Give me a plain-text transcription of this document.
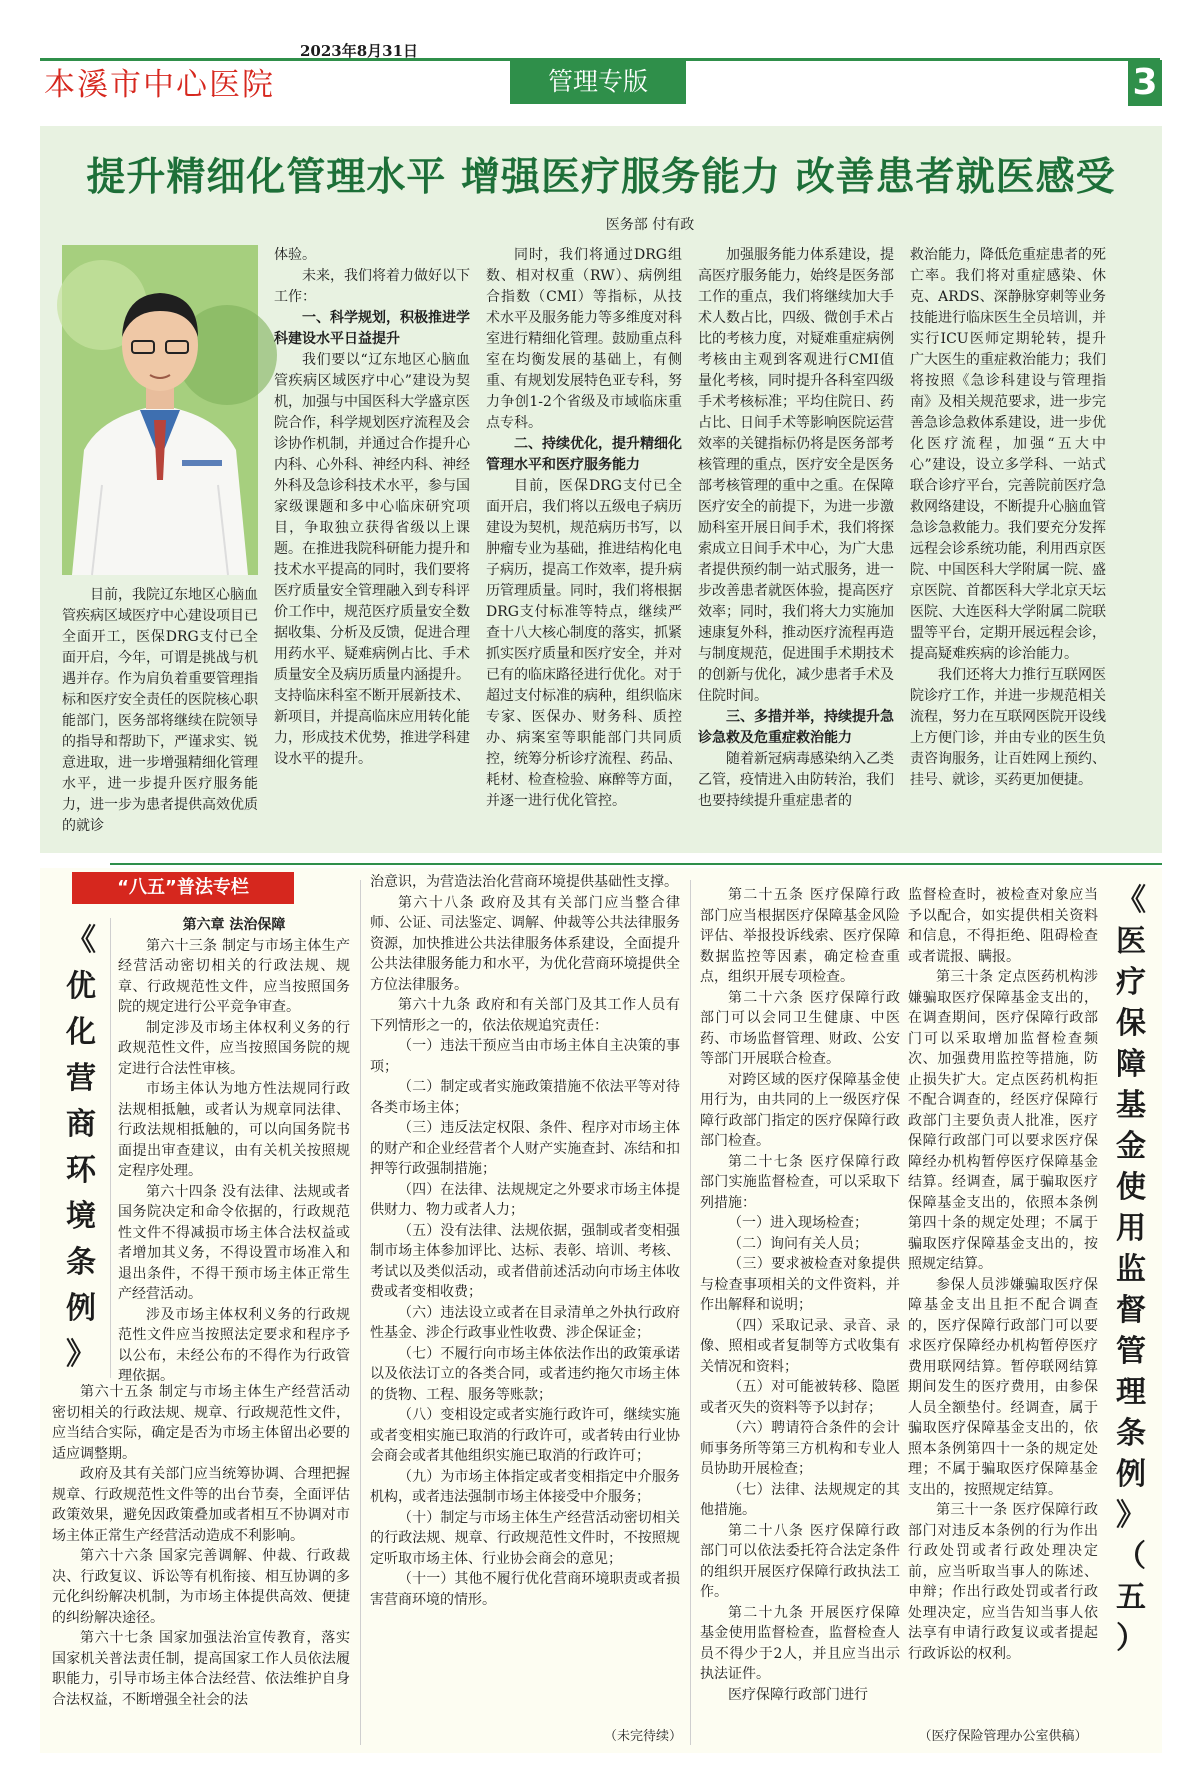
2023年8月31日
本溪市中心医院	管理专版	3
提升精细化管理水平 增强医疗服务能力 改善患者就医感受
医务部 付有政

目前，我院辽东地区心脑血管疾病区域医疗中心建设项目已全面开工，医保DRG支付已全面开启，今年，可谓是挑战与机遇并存。作为肩负着重要管理指标和医疗安全责任的医院核心职能部门，医务部将继续在院领导的指导和帮助下，严谨求实、锐意进取，进一步增强精细化管理水平，进一步提升医疗服务能力，进一步为患者提供高效优质的就诊

体验。

未来，我们将着力做好以下工作：

一、科学规划，积极推进学科建设水平日益提升

我们要以“辽东地区心脑血管疾病区域医疗中心”建设为契机，加强与中国医科大学盛京医院合作，科学规划医疗流程及会诊协作机制，并通过合作提升心内科、心外科、神经内科、神经外科及急诊科技术水平，参与国家级课题和多中心临床研究项目，争取独立获得省级以上课题。在推进我院科研能力提升和技术水平提高的同时，我们要将医疗质量安全管理融入到专科评价工作中，规范医疗质量安全数据收集、分析及反馈，促进合理用药水平、疑难病例占比、手术质量安全及病历质量内涵提升。支持临床科室不断开展新技术、新项目，并提高临床应用转化能力，形成技术优势，推进学科建设水平的提升。

同时，我们将通过DRG组数、相对权重（RW）、病例组合指数（CMI）等指标，从技术水平及服务能力等多维度对科室进行精细化管理。鼓励重点科室在均衡发展的基础上，有侧重、有规划发展特色亚专科，努力争创1-2个省级及市域临床重点专科。

二、持续优化，提升精细化管理水平和医疗服务能力

目前，医保DRG支付已全面开启，我们将以五级电子病历建设为契机，规范病历书写，以肿瘤专业为基础，推进结构化电子病历，提高工作效率，提升病历管理质量。同时，我们将根据DRG支付标准等特点，继续严查十八大核心制度的落实，抓紧抓实医疗质量和医疗安全，并对已有的临床路径进行优化。对于超过支付标准的病种，组织临床专家、医保办、财务科、质控办、病案室等职能部门共同质控，统筹分析诊疗流程、药品、耗材、检查检验、麻醉等方面，并逐一进行优化管控。

加强服务能力体系建设，提高医疗服务能力，始终是医务部工作的重点，我们将继续加大手术人数占比，四级、微创手术占比的考核力度，对疑难重症病例考核由主观到客观进行CMI值量化考核，同时提升各科室四级手术考核标准；平均住院日、药占比、日间手术等影响医院运营效率的关键指标仍将是医务部考核管理的重点，医疗安全是医务部考核管理的重中之重。在保障医疗安全的前提下，为进一步激励科室开展日间手术，我们将探索成立日间手术中心，为广大患者提供预约制一站式服务，进一步改善患者就医体验，提高医疗效率；同时，我们将大力实施加速康复外科，推动医疗流程再造与制度规范，促进围手术期技术的创新与优化，减少患者手术及住院时间。

三、多措并举，持续提升急诊急救及危重症救治能力

随着新冠病毒感染纳入乙类乙管，疫情进入由防转治，我们也要持续提升重症患者的

救治能力，降低危重症患者的死亡率。我们将对重症感染、休克、ARDS、深静脉穿刺等业务技能进行临床医生全员培训，并实行ICU医师定期轮转，提升广大医生的重症救治能力；我们将按照《急诊科建设与管理指南》及相关规范要求，进一步完善急诊急救体系建设，进一步优化医疗流程，加强“五大中心”建设，设立多学科、一站式联合诊疗平台，完善院前医疗急救网络建设，不断提升心脑血管急诊急救能力。我们要充分发挥远程会诊系统功能，利用西京医院、中国医科大学附属一院、盛京医院、首都医科大学北京天坛医院、大连医科大学附属二院联盟等平台，定期开展远程会诊，提高疑难疾病的诊治能力。

我们还将大力推行互联网医院诊疗工作，并进一步规范相关流程，努力在互联网医院开设线上方便门诊，并由专业的医生负责咨询服务，让百姓网上预约、挂号、就诊，买药更加便捷。

“八五”普法专栏
《
优
化
营
商
环
境
条
例
》
《
医
疗
保
障
基
金
使
用
监
督
管
理
条
例
》
（
五
）

第六章 法治保障

第六十三条 制定与市场主体生产经营活动密切相关的行政法规、规章、行政规范性文件，应当按照国务院的规定进行公平竞争审查。

制定涉及市场主体权利义务的行政规范性文件，应当按照国务院的规定进行合法性审核。

市场主体认为地方性法规同行政法规相抵触，或者认为规章同法律、行政法规相抵触的，可以向国务院书面提出审查建议，由有关机关按照规定程序处理。

第六十四条 没有法律、法规或者国务院决定和命令依据的，行政规范性文件不得减损市场主体合法权益或者增加其义务，不得设置市场准入和退出条件，不得干预市场主体正常生产经营活动。

涉及市场主体权利义务的行政规范性文件应当按照法定要求和程序予以公布，未经公布的不得作为行政管理依据。

第六十五条 制定与市场主体生产经营活动密切相关的行政法规、规章、行政规范性文件，应当结合实际，确定是否为市场主体留出必要的适应调整期。

政府及其有关部门应当统筹协调、合理把握规章、行政规范性文件等的出台节奏，全面评估政策效果，避免因政策叠加或者相互不协调对市场主体正常生产经营活动造成不利影响。

第六十六条 国家完善调解、仲裁、行政裁决、行政复议、诉讼等有机衔接、相互协调的多元化纠纷解决机制，为市场主体提供高效、便捷的纠纷解决途径。

第六十七条 国家加强法治宣传教育，落实国家机关普法责任制，提高国家工作人员依法履职能力，引导市场主体合法经营、依法维护自身合法权益，不断增强全社会的法

治意识，为营造法治化营商环境提供基础性支撑。

第六十八条 政府及其有关部门应当整合律师、公证、司法鉴定、调解、仲裁等公共法律服务资源，加快推进公共法律服务体系建设，全面提升公共法律服务能力和水平，为优化营商环境提供全方位法律服务。

第六十九条 政府和有关部门及其工作人员有下列情形之一的，依法依规追究责任：

（一）违法干预应当由市场主体自主决策的事项；

（二）制定或者实施政策措施不依法平等对待各类市场主体；

（三）违反法定权限、条件、程序对市场主体的财产和企业经营者个人财产实施查封、冻结和扣押等行政强制措施；

（四）在法律、法规规定之外要求市场主体提供财力、物力或者人力；

（五）没有法律、法规依据，强制或者变相强制市场主体参加评比、达标、表彰、培训、考核、考试以及类似活动，或者借前述活动向市场主体收费或者变相收费；

（六）违法设立或者在目录清单之外执行政府性基金、涉企行政事业性收费、涉企保证金；

（七）不履行向市场主体依法作出的政策承诺以及依法订立的各类合同，或者违约拖欠市场主体的货物、工程、服务等账款；

（八）变相设定或者实施行政许可，继续实施或者变相实施已取消的行政许可，或者转由行业协会商会或者其他组织实施已取消的行政许可；

（九）为市场主体指定或者变相指定中介服务机构，或者违法强制市场主体接受中介服务；

（十）制定与市场主体生产经营活动密切相关的行政法规、规章、行政规范性文件时，不按照规定听取市场主体、行业协会商会的意见；

（十一）其他不履行优化营商环境职责或者损害营商环境的情形。

（未完待续）

第二十五条 医疗保障行政部门应当根据医疗保障基金风险评估、举报投诉线索、医疗保障数据监控等因素，确定检查重点，组织开展专项检查。

第二十六条 医疗保障行政部门可以会同卫生健康、中医药、市场监督管理、财政、公安等部门开展联合检查。

对跨区域的医疗保障基金使用行为，由共同的上一级医疗保障行政部门指定的医疗保障行政部门检查。

第二十七条 医疗保障行政部门实施监督检查，可以采取下列措施：

（一）进入现场检查；

（二）询问有关人员；

（三）要求被检查对象提供与检查事项相关的文件资料，并作出解释和说明；

（四）采取记录、录音、录像、照相或者复制等方式收集有关情况和资料；

（五）对可能被转移、隐匿或者灭失的资料等予以封存；

（六）聘请符合条件的会计师事务所等第三方机构和专业人员协助开展检查；

（七）法律、法规规定的其他措施。

第二十八条 医疗保障行政部门可以依法委托符合法定条件的组织开展医疗保障行政执法工作。

第二十九条 开展医疗保障基金使用监督检查，监督检查人员不得少于2人，并且应当出示执法证件。

医疗保障行政部门进行

监督检查时，被检查对象应当予以配合，如实提供相关资料和信息，不得拒绝、阻碍检查或者谎报、瞒报。

第三十条 定点医药机构涉嫌骗取医疗保障基金支出的，在调查期间，医疗保障行政部门可以采取增加监督检查频次、加强费用监控等措施，防止损失扩大。定点医药机构拒不配合调查的，经医疗保障行政部门主要负责人批准，医疗保障行政部门可以要求医疗保障经办机构暂停医疗保障基金结算。经调查，属于骗取医疗保障基金支出的，依照本条例第四十条的规定处理；不属于骗取医疗保障基金支出的，按照规定结算。

参保人员涉嫌骗取医疗保障基金支出且拒不配合调查的，医疗保障行政部门可以要求医疗保障经办机构暂停医疗费用联网结算。暂停联网结算期间发生的医疗费用，由参保人员全额垫付。经调查，属于骗取医疗保障基金支出的，依照本条例第四十一条的规定处理；不属于骗取医疗保障基金支出的，按照规定结算。

第三十一条 医疗保障行政部门对违反本条例的行为作出行政处罚或者行政处理决定前，应当听取当事人的陈述、申辩；作出行政处罚或者行政处理决定，应当告知当事人依法享有申请行政复议或者提起行政诉讼的权利。

（医疗保险管理办公室供稿）
